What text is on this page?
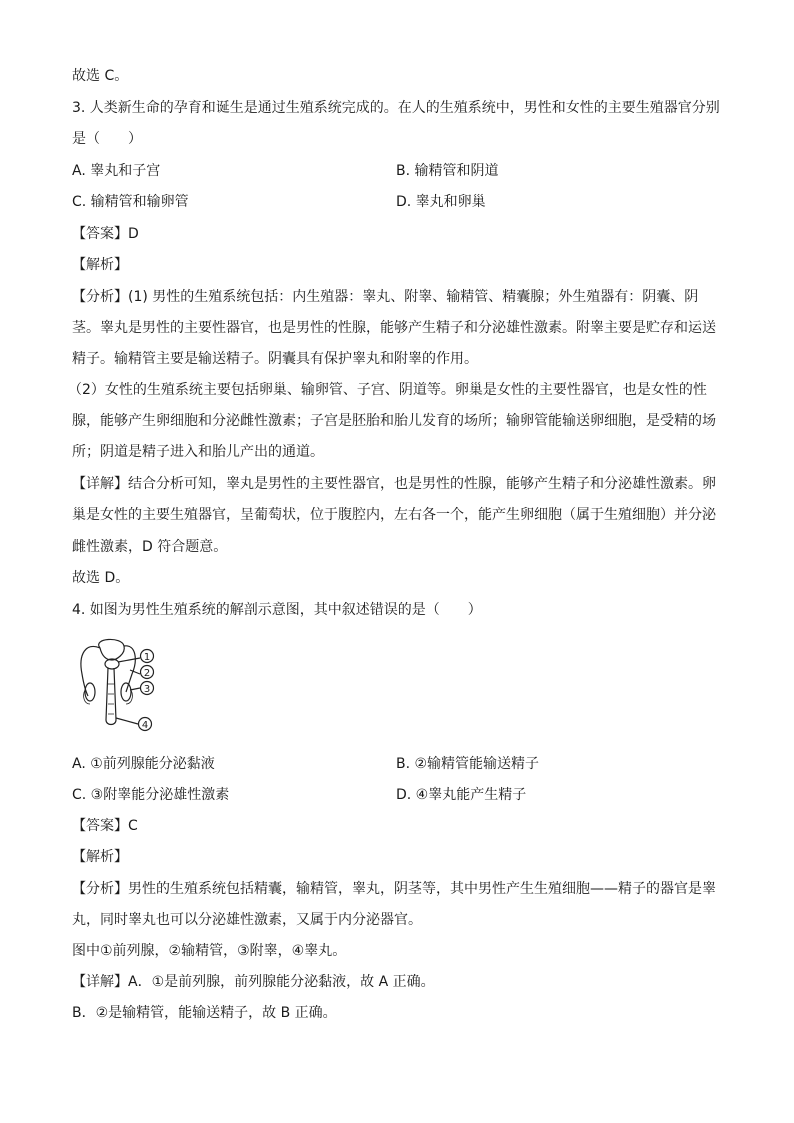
故选 C。
3. 人类新生命的孕育和诞生是通过生殖系统完成的。在人的生殖系统中，男性和女性的主要生殖器官分别
是（　　）
A. 睾丸和子宫	B. 输精管和阴道
C. 输精管和输卵管	D. 睾丸和卵巢
【答案】D
【解析】
【分析】(1) 男性的生殖系统包括：内生殖器：睾丸、附睾、输精管、精囊腺；外生殖器有：阴囊、阴
茎。睾丸是男性的主要性器官，也是男性的性腺，能够产生精子和分泌雄性激素。附睾主要是贮存和运送
精子。输精管主要是输送精子。阴囊具有保护睾丸和附睾的作用。
（2）女性的生殖系统主要包括卵巢、输卵管、子宫、阴道等。卵巢是女性的主要性器官，也是女性的性
腺，能够产生卵细胞和分泌雌性激素；子宫是胚胎和胎儿发育的场所；输卵管能输送卵细胞，是受精的场
所；阴道是精子进入和胎儿产出的通道。
【详解】结合分析可知，睾丸是男性的主要性器官，也是男性的性腺，能够产生精子和分泌雄性激素。卵
巢是女性的主要生殖器官，呈葡萄状，位于腹腔内，左右各一个，能产生卵细胞（属于生殖细胞）并分泌
雌性激素，D 符合题意。
故选 D。
4. 如图为男性生殖系统的解剖示意图，其中叙述错误的是（　　）
1
2
3
4
A. ①前列腺能分泌黏液	B. ②输精管能输送精子
C. ③附睾能分泌雄性激素	D. ④睾丸能产生精子
【答案】C
【解析】
【分析】男性的生殖系统包括精囊，输精管，睾丸，阴茎等，其中男性产生生殖细胞——精子的器官是睾
丸，同时睾丸也可以分泌雄性激素，又属于内分泌器官。
图中①前列腺，②输精管，③附睾，④睾丸。
【详解】A．①是前列腺，前列腺能分泌黏液，故 A 正确。
B．②是输精管，能输送精子，故 B 正确。
